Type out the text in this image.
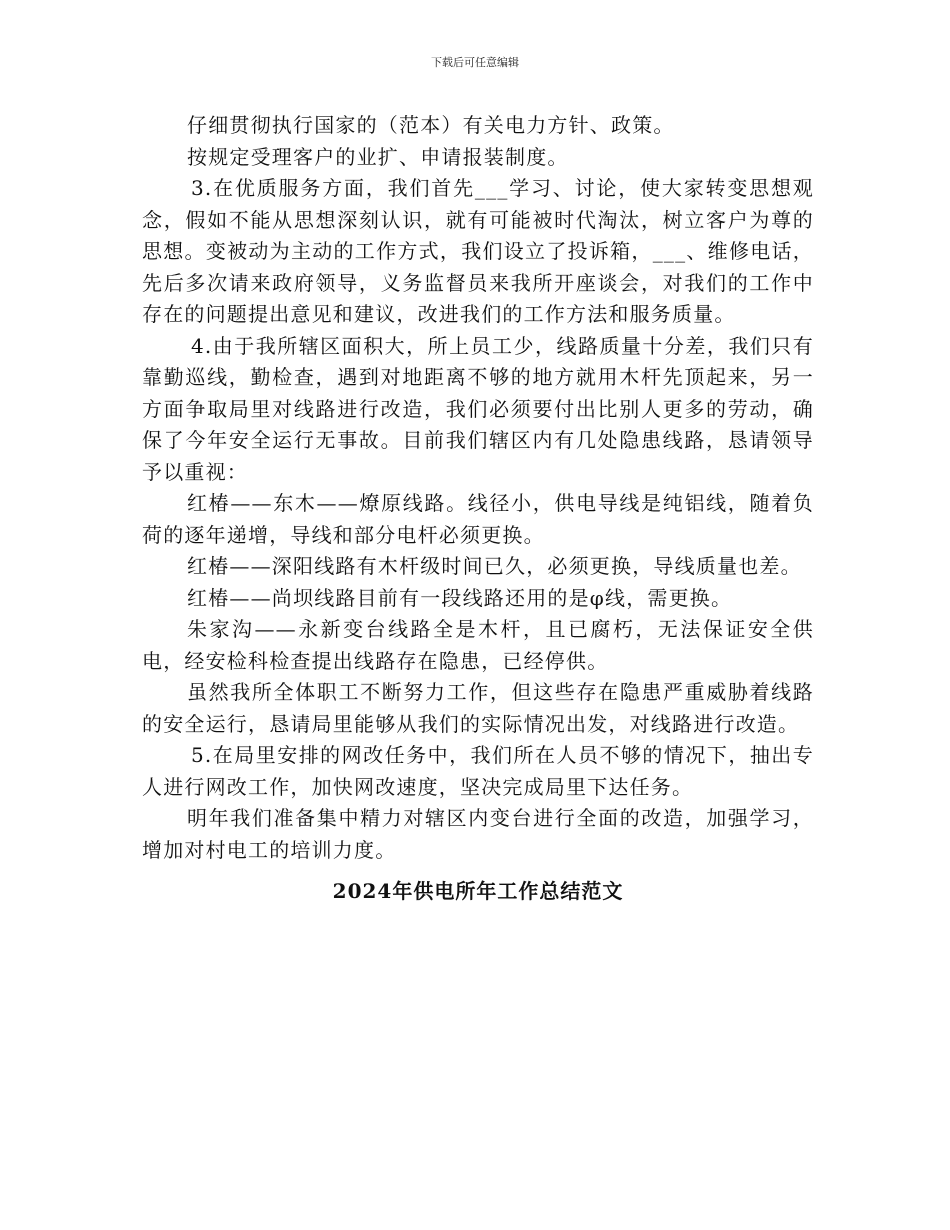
下载后可任意编辑

仔细贯彻执行国家的（范本）有关电力方针、政策。

按规定受理客户的业扩、申请报装制度。

3.在优质服务方面，我们首先___学习、讨论，使大家转变思想观念，假如不能从思想深刻认识，就有可能被时代淘汰，树立客户为尊的思想。变被动为主动的工作方式，我们设立了投诉箱，___、维修电话，先后多次请来政府领导，义务监督员来我所开座谈会，对我们的工作中存在的问题提出意见和建议，改进我们的工作方法和服务质量。

4.由于我所辖区面积大，所上员工少，线路质量十分差，我们只有靠勤巡线，勤检查，遇到对地距离不够的地方就用木杆先顶起来，另一方面争取局里对线路进行改造，我们必须要付出比别人更多的劳动，确保了今年安全运行无事故。目前我们辖区内有几处隐患线路，恳请领导予以重视：

红椿——东木——燎原线路。线径小，供电导线是纯铝线，随着负荷的逐年递增，导线和部分电杆必须更换。

红椿——深阳线路有木杆级时间已久，必须更换，导线质量也差。

红椿——尚坝线路目前有一段线路还用的是φ线，需更换。

朱家沟——永新变台线路全是木杆，且已腐朽，无法保证安全供电，经安检科检查提出线路存在隐患，已经停供。

虽然我所全体职工不断努力工作，但这些存在隐患严重威胁着线路的安全运行，恳请局里能够从我们的实际情况出发，对线路进行改造。

5.在局里安排的网改任务中，我们所在人员不够的情况下，抽出专人进行网改工作，加快网改速度，坚决完成局里下达任务。

明年我们准备集中精力对辖区内变台进行全面的改造，加强学习，增加对村电工的培训力度。

2024年供电所年工作总结范文
